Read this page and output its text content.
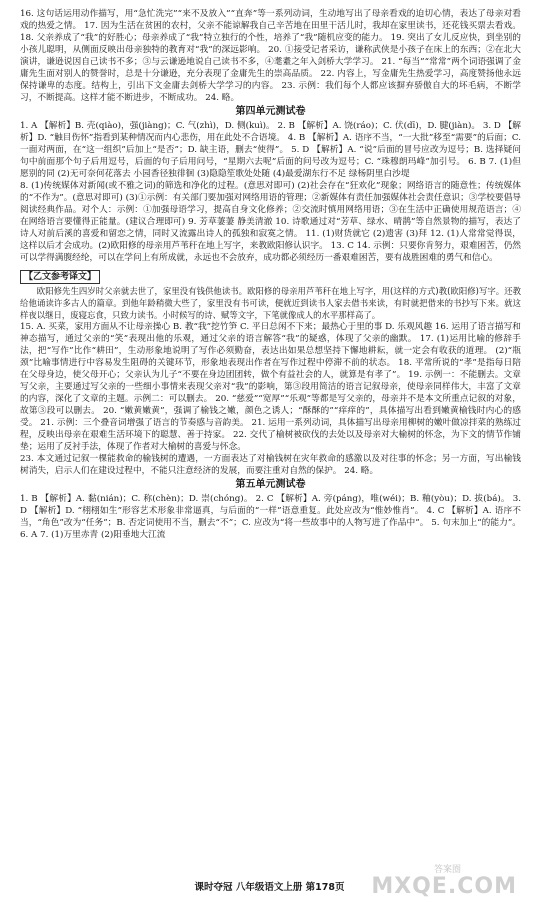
16. 这句话运用动作描写，用“急忙洗完”“来不及放入”“直奔”等一系列动词，生动地写出了母亲看戏的迫切心情，表达了母亲对看戏的热爱之情。 17. 因为生活在贫困的农村，父亲不能谅解我自己辛苦地在田里干活儿时，我却在家里读书，还花钱买票去看戏。 18. 父亲养成了“我”的好胜心；母亲养成了“我”特立独行的个性，培养了“我”随机应变的能力。 19. 突出了女儿反应快，到坐别的小孩儿聪明，从侧面反映出母亲独特的教育对“我”的深远影响。 20. ①接受记者采访，谦称武侠是小孩子在床上的东西；②在北大演讲，谦逊说因自己读书不多；③与云谦逊地说自己读书不多，④耄耋之年入剑桥大学学习。 21. “每当”“常常”两个词语强调了金庸先生面对别人的赞誉时，总是十分谦逊，充分表现了金庸先生的崇高品质。 22. 内容上，写金庸先生热爱学习，高度赞扬他永远保持谦卑的态度。结构上，引出下文金庸去剑桥大学学习的内容。 23. 示例：我们每个人都应该摒弃骄傲自大的坏毛病，不断学习，不断提高。这样才能不断进步，不断成功。 24. 略。

第四单元测试卷

1. A 【解析】B. 壳(qiào)，强(jiàng)；C. 气(zhì)，D. 侧(kuì)。 2. B 【解析】A. 饶(ráo)；C. 伏(dī)，D. 腱(jiàn)。 3. D 【解析】D. “触目伤怀”指看到某种情况而内心悲伤，用在此处不合语境。 4. B 【解析】A. 语序不当，“一大批”移至“需要”的后面；C. 一面对两面，在“这一组织”后加上“是否”；D. 缺主语，删去“使得”。 5. D 【解析】A. “说”后面的冒号应改为逗号；B. 选择疑问句中前面那个句子后用逗号，后面的句子后用问号，“星期六去呢”后面的问号改为逗号；C. “珠穆朗玛峰”加引号。 6. B 7. (1)但愿别的同 (2)无可奈何花落去 小园香径独徘徊 (3)隐隐笙歌处处随 (4)最爱湖东行不足 绿杨阴里白沙堤

8. (1)传统媒体对新闻(或不雅之词)的筛选和净化的过程。(意思对即可) (2)社会存在“狂欢化”现象；网络语言的随意性；传统媒体的“不作为”。(意思对即可) (3)①示例：有关部门要加强对网络用语的管理；②新媒体有责任加强媒体社会责任意识；③学校要倡导阅读经典作品。对个人：示例：①加强母语学习，提高自身文化修养；②交流时慎用网络用语；③在生活中正确使用规范语言；④在网络语言要懂得正能量。(建议合理即可) 9. 芳草萋萋 静美清澈 10. 诗歌通过对“芳草、绿水、晴鹊”等自然景物的描写，表达了诗人对前后溪的喜爱和留恋之情，同时又流露出诗人的孤独和寂寞之情。 11. (1)财货就它 (2)遗害 (3)拜 12. (1)人常常觉得误，这样以后才会成功。(2)欧阳修的母亲用芦苇秆在地上写字，来教欧阳修认识字。 13. C 14. 示例：只要你肯努力，艰难困苦，仍然可以学得满腹经纶，可以在学问上有所成就，永远也不会放弃，成功都必须经历一番艰难困苦，要有战胜困难的勇气和信心。

【乙文参考译文】

欧阳修先生四岁时父亲就去世了，家里没有钱供他读书。欧阳修的母亲用芦苇秆在地上写字，用(这样的方式)教(欧阳修)写字。还教给他诵读许多古人的篇章。到他年龄稍微大些了，家里没有书可读，便就近到读书人家去借书来读，有时就把借来的书抄写下来。就这样夜以继日，废寝忘食，只致力读书。小时候写的诗、赋等文字，下笔就像成人的水平那样高了。

15. A. 买菜，家用方面从不让母亲操心 B. 教“我”挖竹笋 C. 平日总闲不下来；最热心于里的事 D. 乐观风趣 16. 运用了语言描写和神态描写，通过父亲的“笑”表现出他的乐观，通过父亲的语言解答“我”的疑惑，体现了父亲的幽默。 17. (1)运用比喻的修辞手法，把“写作”比作“耕田”，生动形象地说明了写作必须勤奋，表达出如果总想坚持下懈地耕耘，就一定会有收获的道理。 (2)“瓶颈”比喻事情进行中容易发生阻碍的关键环节，形象地表现出作者在写作过程中停滞不前的状态。 18. 平常所说的“孝”是指每日陪在父母身边，使父母开心；父亲认为儿子“不要在身边团团转，做个有益社会的人，就算是有孝了”。 19. 示例一：不能删去。文章写父亲，主要通过写父亲的一些细小事情来表现父亲对“我”的影响，第③段用简洁的语言记叙母亲，使母亲同样伟大，丰富了文章的内容，深化了文章的主题。示例二：可以删去。 20. “慈爱”“宽厚”“乐观”等都是写父亲的，母亲并不是本文所重点记叙的对象，故第③段可以删去。 20. “嫩黄嫩黄”，强调了榆钱之嫩，颜色之诱人；“酥酥的”“痒痒的”，具体描写出看到嫩黄榆钱时内心的感受。 21. 示例：三个叠音词增强了语言的节奏感与音韵美。 21. 运用一系列动词，具体描写出母亲用柳树的嫩叶做凉拌菜的熟练过程，反映出母亲在艰难生活环境下的聪慧、善于持家。 22. 交代了榆树被砍伐的去处以及母亲对大榆树的怀念，为下文的情节作铺垫；运用了反衬手法，体现了作者对大榆树的喜爱与怀念。

23. 本文通过记叙一棵能救命的榆钱树的遭遇，一方面表达了对榆钱树在灾年救命的感激以及对往事的怀念；另一方面，写出榆钱树消失，启示人们在建设过程中，不能只注意经济的发展，而要注重对自然的保护。 24. 略。

第五单元测试卷

1. B 【解析】A. 黏(nián)；C. 称(chèn)；D. 崇(chóng)。 2. C 【解析】A. 旁(páng)，唯(wéi)；B. 釉(yòu)；D. 拔(bá)。 3. D 【解析】D. “栩栩如生”形容艺术形象非常逼真，与后面的“一样”语意重复。此处应改为“惟妙惟肖”。 4. C 【解析】A. 语序不当，“角色”改为“任务”；B. 否定词使用不当，删去“不”；C. 应改为“将一些故事中的人物写进了作品中”。 5. 句末加上“的能力”。 6. A 7. (1)万里赤青 (2)阳垂地大江流

课时夺冠 八年级语文上册 第178页
答案圈
MXQE.COM
